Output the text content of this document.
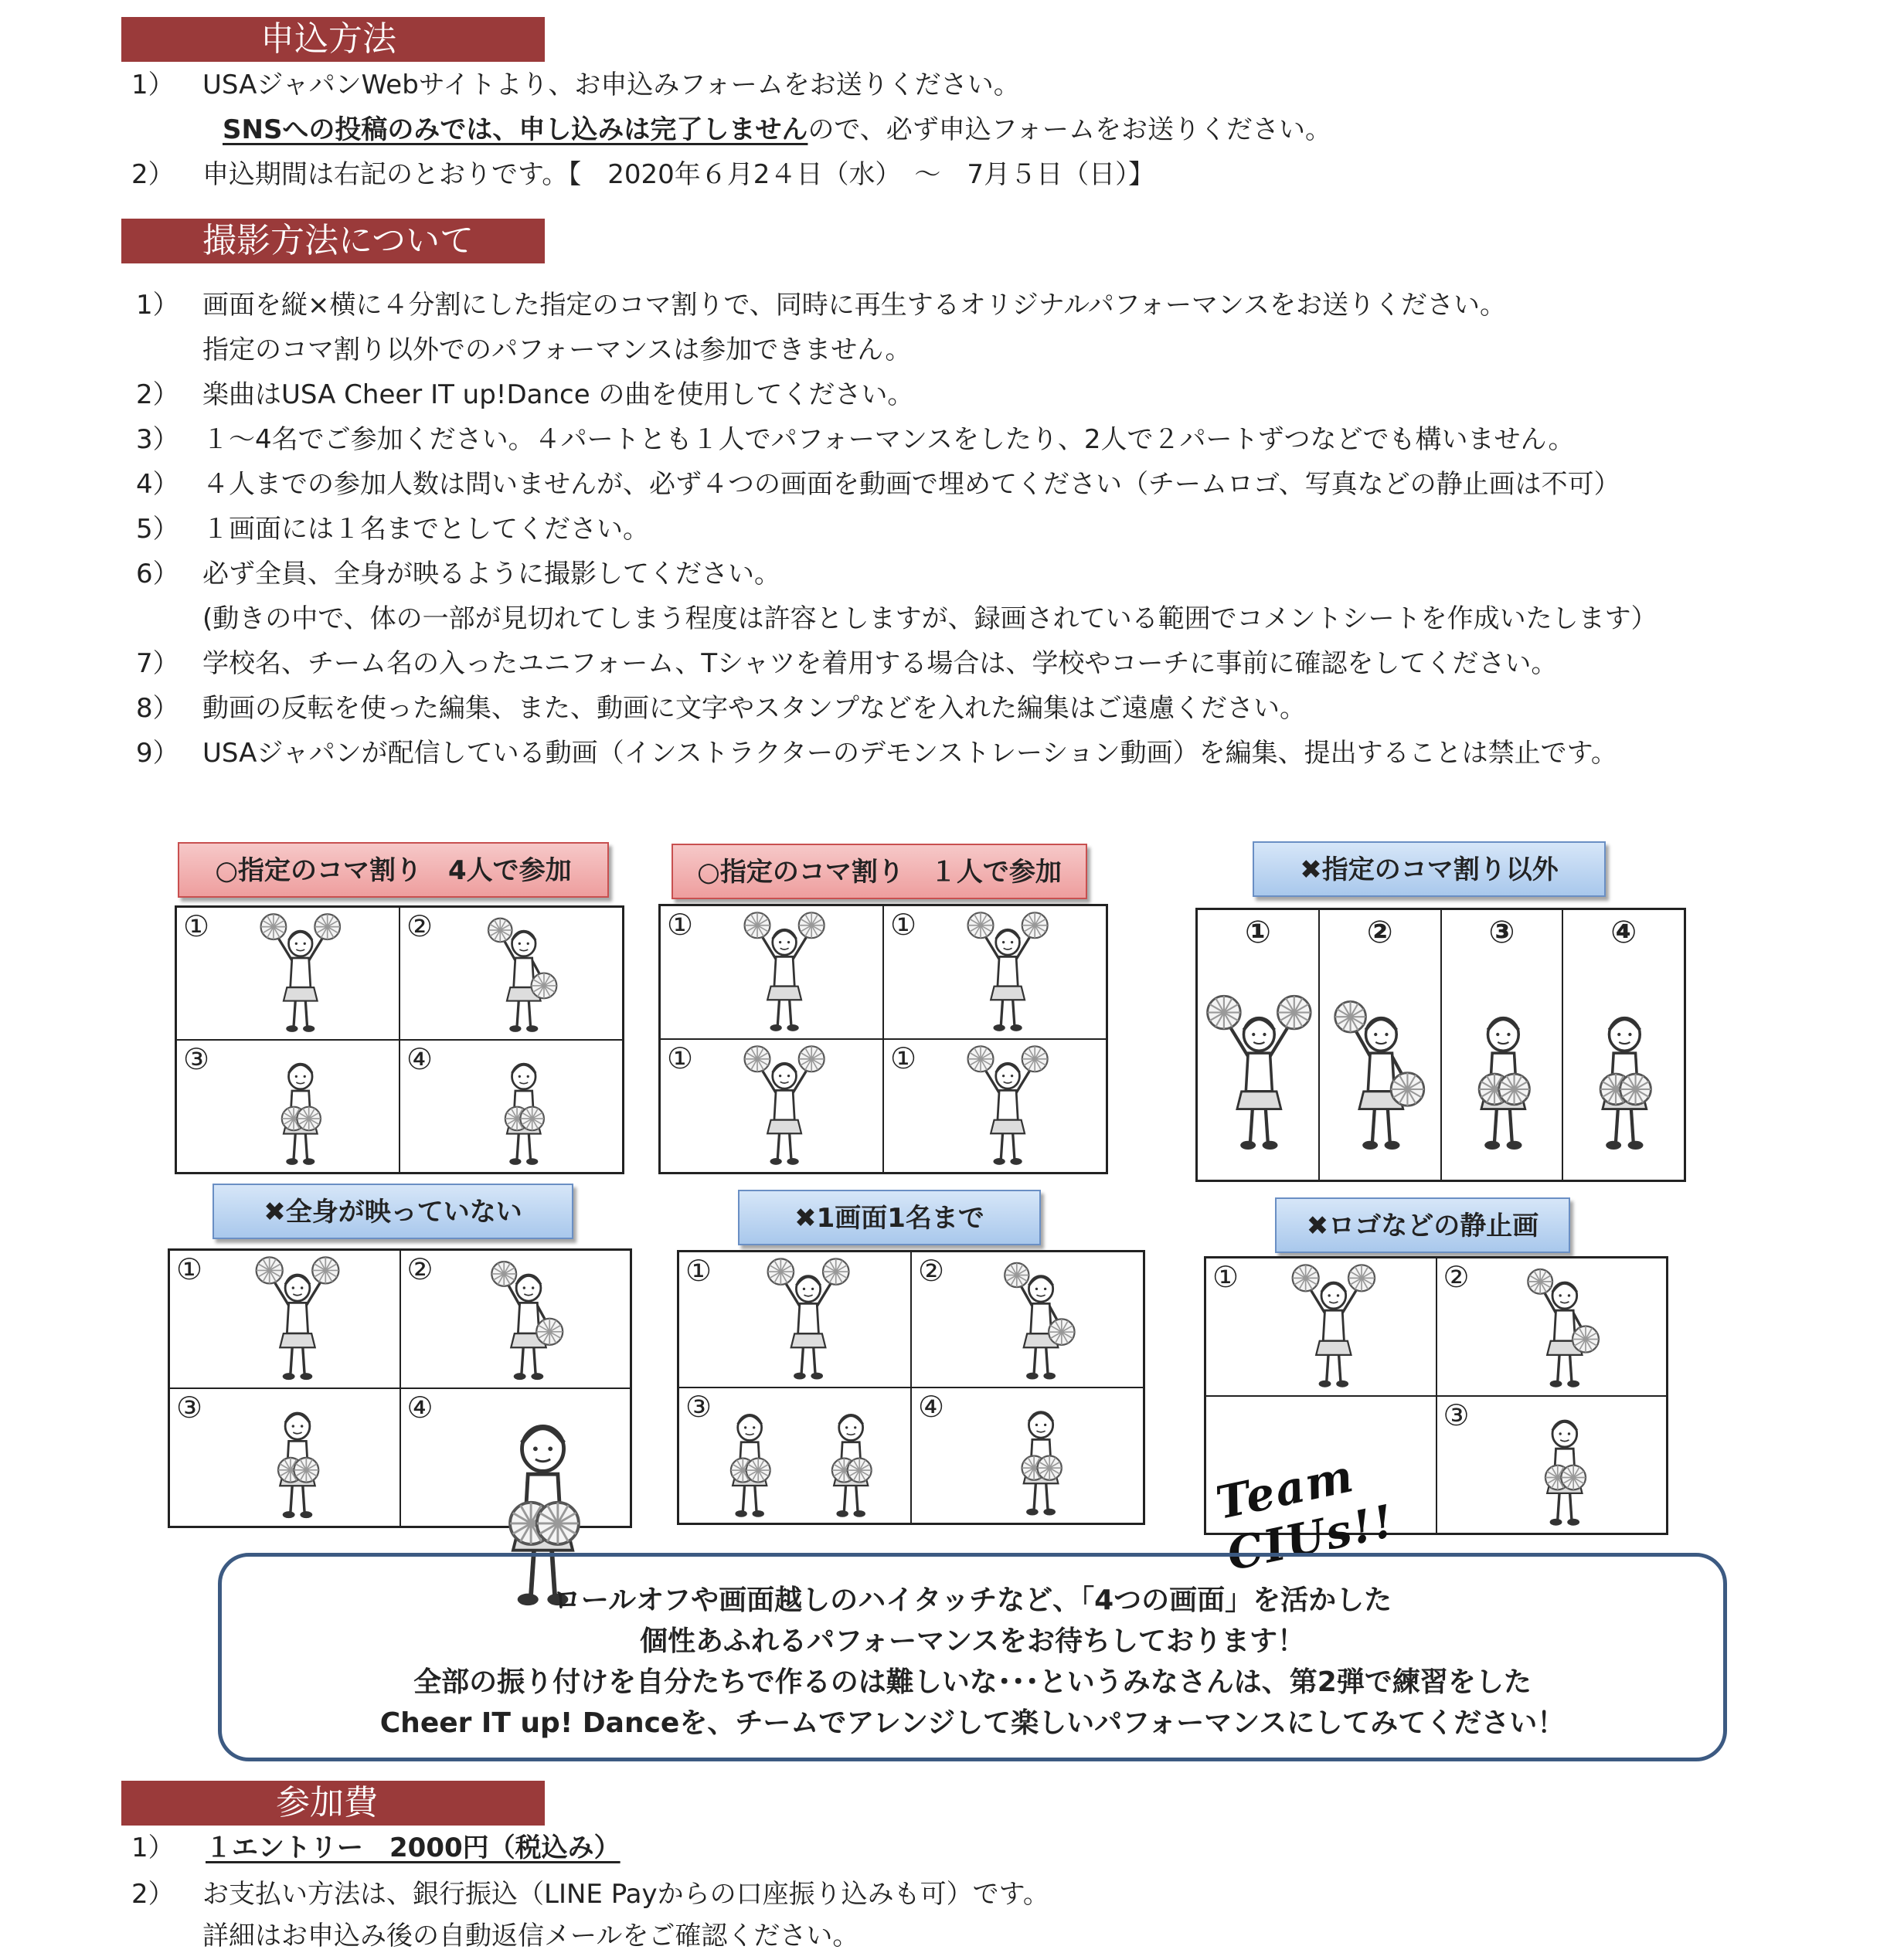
申込方法
1） USAジャパンWebサイトより、お申込みフォームをお送りください。
SNSへの投稿のみでは、申し込みは完了しませんので、必ず申込フォームをお送りください。
2） 申込期間は右記のとおりです。【　2020年６月2４日（水）　～　7月５日（日）】
撮影方法について
1） 画面を縦×横に４分割にした指定のコマ割りで、同時に再生するオリジナルパフォーマンスをお送りください。
指定のコマ割り以外でのパフォーマンスは参加できません。
2） 楽曲はUSA Cheer IT up!Dance の曲を使用してください。
3） １～4名でご参加ください。４パートとも１人でパフォーマンスをしたり、2人で２パートずつなどでも構いません。
4） ４人までの参加人数は問いませんが、必ず４つの画面を動画で埋めてください（チームロゴ、写真などの静止画は不可）
5） １画面には１名までとしてください。
6） 必ず全員、全身が映るように撮影してください。
(動きの中で、体の一部が見切れてしまう程度は許容としますが、録画されている範囲でコメントシートを作成いたします）
7） 学校名、チーム名の入ったユニフォーム、Tシャツを着用する場合は、学校やコーチに事前に確認をしてください。
8） 動画の反転を使った編集、また、動画に文字やスタンプなどを入れた編集はご遠慮ください。
9） USAジャパンが配信している動画（インストラクターのデモンストレーション動画）を編集、提出することは禁止です。
○指定のコマ割り　4人で参加
①	②
③	④
○指定のコマ割り　１人で参加
①	①
①	①
✖指定のコマ割り以外
①	②	③	④
✖全身が映っていない
①	②
③	④
✖1画面1名まで
①	②
③	④
✖ロゴなどの静止画
①	②
Team CIUs!!
③
ロールオフや画面越しのハイタッチなど、「4つの画面」を活かした
個性あふれるパフォーマンスをお待ちしております！
全部の振り付けを自分たちで作るのは難しいな･･･というみなさんは、第2弾で練習をした
Cheer IT up! Danceを、チームでアレンジして楽しいパフォーマンスにしてみてください！
参加費
1） １エントリー　2000円（税込み）
2） お支払い方法は、銀行振込（LINE Payからの口座振り込みも可）です。
詳細はお申込み後の自動返信メールをご確認ください。
